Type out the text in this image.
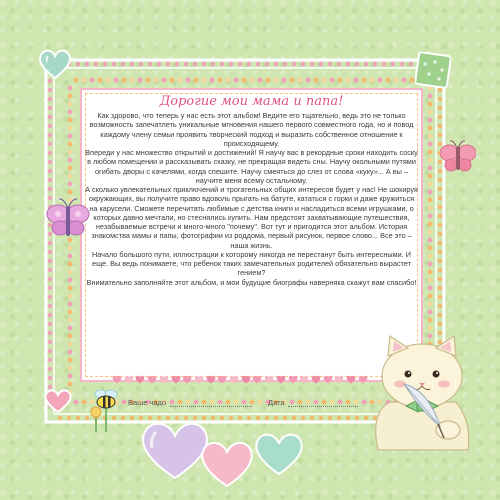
Дорогие мои мама и папа!

Как здорово, что теперь у нас есть этот альбом! Ведите его тщательно, ведь это не только возможность запечатлеть уникальные мгновения нашего первого совместного года, но и повод каждому члену семьи проявить творческий подход и выразить собственное отношение к происходящему.

Впереди у нас множество открытий и достижений! Я научу вас в рекордные сроки находить соску в любом помещении и рассказывать сказку, не прекращая видеть сны. Научу окольными путями огибать дворы с качелями, когда спешите. Научу смеяться до слез от слова «куку»... А вы – научите меня всему остальному.

А сколько увлекательных приключений и трогательных общих интересов будет у нас! Не шокируя окружающих, вы получите право вдоволь прыгать на батуте, кататься с горки и даже кружиться на карусели. Сможете перечитать любимые с детства книги и насладиться всеми игрушками, о которых давно мечтали, но стеснялись купить. Нам предстоят захватывающие путешествия, незабываемые встречи и много-много "почему". Вот тут и пригодится этот альбом. История знакомства мамы и папы, фотографии из роддома, первый рисунок, первое слово... Все это – наша жизнь.

Начало большого пути, иллюстрации к которому никогда не перестанут быть интересными. И еще. Вы ведь понимаете, что ребенок таких замечательных родителей обязательно вырастет гением?

Внимательно заполняйте этот альбом, и мои будущие биографы наверняка скажут вам спасибо!

Ваше чадо	Дата
